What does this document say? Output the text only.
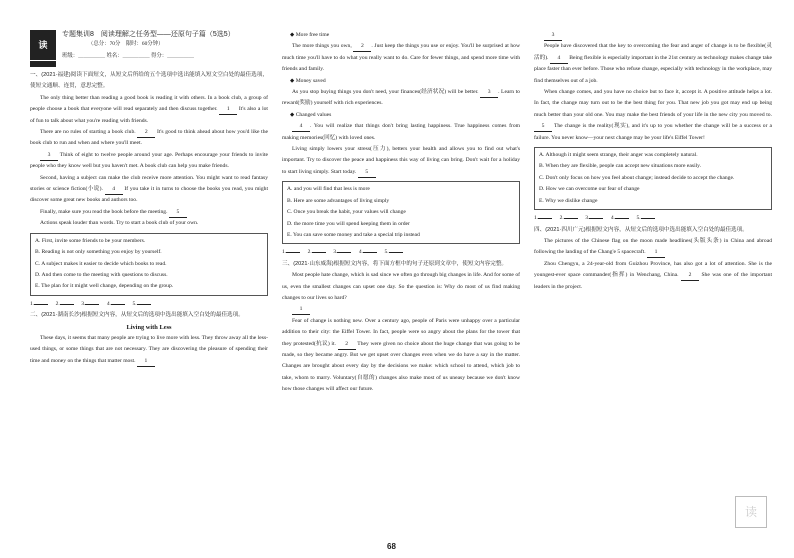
读
专题集训8　阅读理解之任务型——还原句子篇（5选5）
（总分：70分　限时：60分钟）
班级：＿＿＿＿＿ 姓名：＿＿＿＿＿ 得分：＿＿＿＿＿

一、(2021·福建)阅读下面短文，从短文后所给的五个选项中选出能填入短文空白处的最佳选项，使短文通顺、连贯，意思完整。

The only thing better than reading a good book is reading it with others. In a book club, a group of people choose a book that everyone will read separately and then discuss together. 1 It's also a lot of fun to talk about what you're reading with friends.

There are no rules of starting a book club. 2 It's good to think ahead about how you'd like the book club to run and when and where you'll meet.

3 Think of eight to twelve people around your age. Perhaps encourage your friends to invite people who they know well but you haven't met. A book club can help you make friends.

Second, having a subject can make the club receive more attention. You might want to read fantasy stories or science fiction(小说). 4 If you take it in turns to choose the books you read, you might discover some great new books and authors too.

Finally, make sure you read the book before the meeting. 5

Actions speak louder than words. Try to start a book club of your own.

A. First, invite some friends to be your members.
B. Reading is not only something you enjoy by yourself.
C. A subject makes it easier to decide which books to read.
D. And then come to the meeting with questions to discuss.
E. The plan for it might well change, depending on the group.

1.	2.	3.	4.	5.

二、(2021·湖南长沙)根据短文内容，从短文后的选项中选出能填入空白处的最佳选项。

Living with Less

These days, it seems that many people are trying to live more with less. They throw away all the less-used things, or some things that are not necessary. They are discovering the pleasure of spending their time and money on the things that matter most. 1

◆ More free time

The more things you own, 2 . Just keep the things you use or enjoy. You'll be surprised at how much time you'll have to do what you really want to do. Care for fewer things, and spend more time with friends and family.

◆ Money saved

As you stop buying things you don't need, your finances(经济状况) will be better. 3 . Learn to reward(奖励) yourself with rich experiences.

◆ Changed values

4 . You will realize that things don't bring lasting happiness. True happiness comes from making memories(回忆) with loved ones.

Living simply lowers your stress(压力), betters your health and allows you to find out what's important. Try to discover the peace and happiness this way of living can bring. Don't wait for a holiday to start living simply. Start today. 5

A. and you will find that less is more
B. Here are some advantages of living simply
C. Once you break the habit, your values will change
D. the more time you will spend keeping them in order
E. You can save some money and take a special trip instead

1.	2.	3.	4.	5.

三、(2021·山东威海)根据短文内容，将下面方框中的句子还原到文章中，使短文内容完整。

Most people hate change, which is sad since we often go through big changes in life. And for some of us, even the smallest changes can upset one day. So the question is: Why do most of us find making changes to our lives so hard?

1

Fear of change is nothing new. Over a century ago, people of Paris were unhappy over a particular addition to their city: the Eiffel Tower. In fact, people were so angry about the plans for the tower that they protested(抗议) it. 2 They were given no choice about the huge change that was going to be made, so they became angry. But we get upset over changes even when we do have a say in the matter. Changes are brought about every day by the decisions we make: which school to attend, which job to take, whom to marry. Voluntary(自愿的) changes also make most of us uneasy because we don't know how those changes will affect our future.

3

People have discovered that the key to overcoming the fear and anger of change is to be flexible(灵活的). 4 Being flexible is especially important in the 21st century as technology makes change take place faster than ever before. Those who refuse change, especially with technology in the workplace, may find themselves out of a job.

When change comes, and you have no choice but to face it, accept it. A positive attitude helps a lot. In fact, the change may turn out to be the best thing for you. That new job you got may end up being much better than your old one. You may make the best friends of your life in the new city you moved to. 5 The change is the reality(现实), and it's up to you whether the change will be a success or a failure. You never know—your next change may be your life's Eiffel Tower!

A. Although it might seem strange, their anger was completely natural.
B. When they are flexible, people can accept new situations more easily.
C. Don't only focus on how you feel about change; instead decide to accept the change.
D. How we can overcome our fear of change
E. Why we dislike change

1.	2.	3.	4.	5.

四、(2021·四川广元)根据短文内容，从短文后的选项中选出能填入空白处的最佳选项。

The pictures of the Chinese flag on the moon made headlines(头版头条) in China and abroad following the landing of the Chang'e 5 spacecraft. 1

Zhou Chengyu, a 24-year-old from Guizhou Province, has also got a lot of attention. She is the youngest-ever space commander(指挥) in Wenchang, China. 2 She was one of the important leaders in the project.

68
读
